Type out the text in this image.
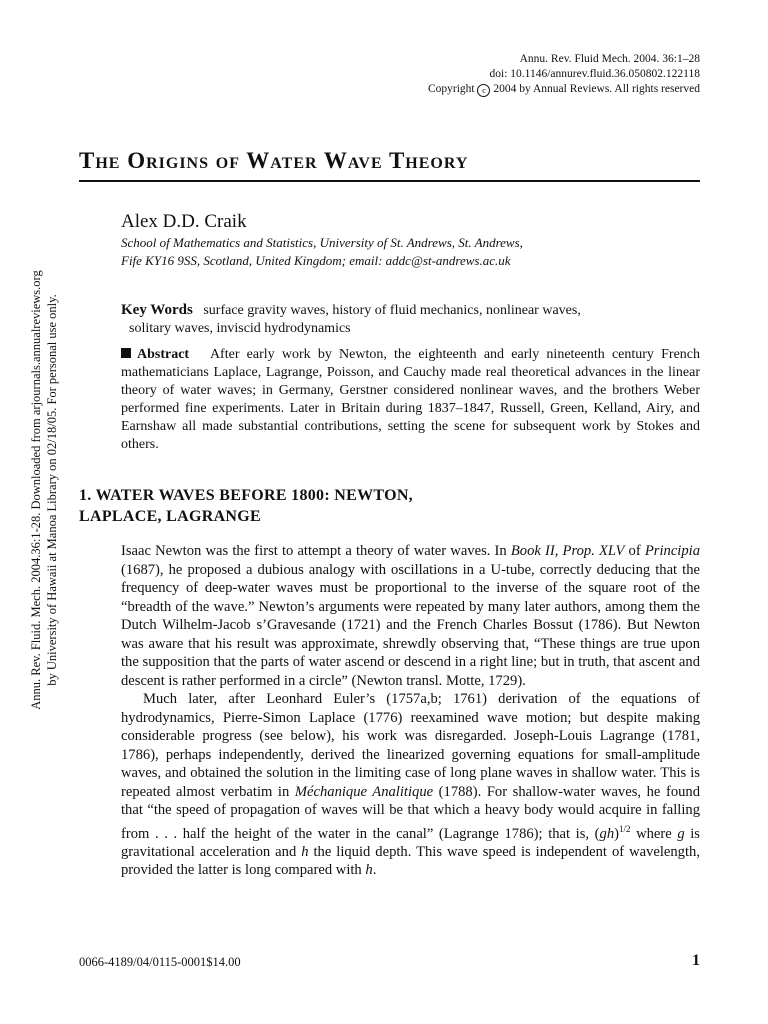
Annu. Rev. Fluid Mech. 2004. 36:1–28
doi: 10.1146/annurev.fluid.36.050802.122118
Copyright c 2004 by Annual Reviews. All rights reserved
The Origins of Water Wave Theory
Alex D.D. Craik
School of Mathematics and Statistics, University of St. Andrews, St. Andrews,
Fife KY16 9SS, Scotland, United Kingdom; email: addc@st-andrews.ac.uk
Key Words surface gravity waves, history of fluid mechanics, nonlinear waves,
solitary waves, inviscid hydrodynamics
Abstract After early work by Newton, the eighteenth and early nineteenth century French mathematicians Laplace, Lagrange, Poisson, and Cauchy made real theoretical advances in the linear theory of water waves; in Germany, Gerstner considered nonlinear waves, and the brothers Weber performed fine experiments. Later in Britain during 1837–1847, Russell, Green, Kelland, Airy, and Earnshaw all made substantial contributions, setting the scene for subsequent work by Stokes and others.
1. WATER WAVES BEFORE 1800: NEWTON,
LAPLACE, LAGRANGE

Isaac Newton was the first to attempt a theory of water waves. In Book II, Prop. XLV of Principia (1687), he proposed a dubious analogy with oscillations in a U-tube, correctly deducing that the frequency of deep-water waves must be proportional to the inverse of the square root of the “breadth of the wave.” Newton’s arguments were repeated by many later authors, among them the Dutch Wilhelm-Jacob s’Gravesande (1721) and the French Charles Bossut (1786). But Newton was aware that his result was approximate, shrewdly observing that, “These things are true upon the supposition that the parts of water ascend or descend in a right line; but in truth, that ascent and descent is rather performed in a circle” (Newton transl. Motte, 1729).

Much later, after Leonhard Euler’s (1757a,b; 1761) derivation of the equations of hydrodynamics, Pierre-Simon Laplace (1776) reexamined wave motion; but despite making considerable progress (see below), his work was disregarded. Joseph-Louis Lagrange (1781, 1786), perhaps independently, derived the linearized governing equations for small-amplitude waves, and obtained the solution in the limiting case of long plane waves in shallow water. This is repeated almost verbatim in Méchanique Analitique (1788). For shallow-water waves, he found that “the speed of propagation of waves will be that which a heavy body would acquire in falling from . . . half the height of the water in the canal” (Lagrange 1786); that is, (gh)$^{1/2}$ where g is gravitational acceleration and h the liquid depth. This wave speed is independent of wavelength, provided the latter is long compared with h.

0066-4189/04/0115-0001$14.00	1
Annu. Rev. Fluid. Mech. 2004.36:1-28. Downloaded from arjournals.annualreviews.org by University of Hawaii at Manoa Library on 02/18/05. For personal use only.
